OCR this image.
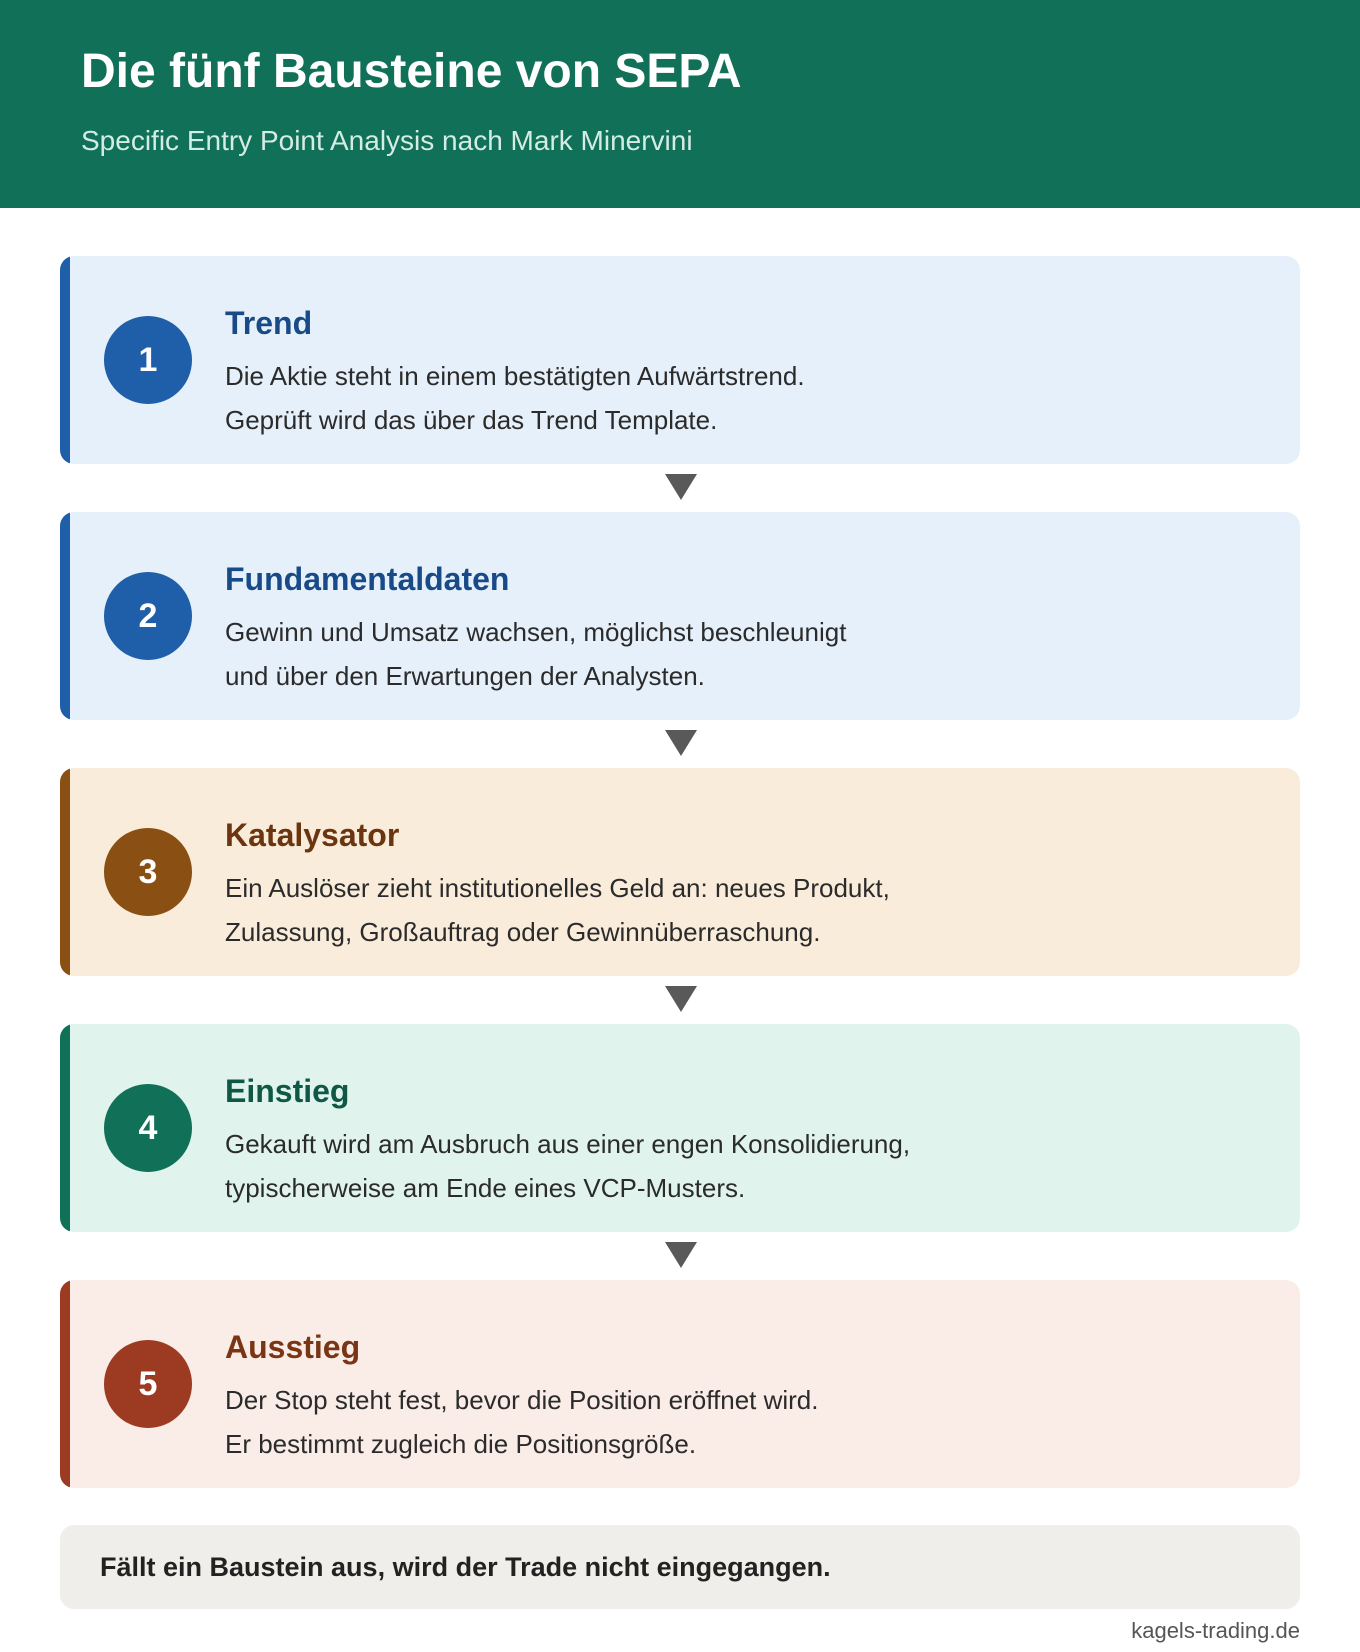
Die fünf Bausteine von SEPA
Specific Entry Point Analysis nach Mark Minervini
1
Trend
Die Aktie steht in einem bestätigten Aufwärtstrend.
Geprüft wird das über das Trend Template.
2
Fundamentaldaten
Gewinn und Umsatz wachsen, möglichst beschleunigt
und über den Erwartungen der Analysten.
3
Katalysator
Ein Auslöser zieht institutionelles Geld an: neues Produkt,
Zulassung, Großauftrag oder Gewinnüberraschung.
4
Einstieg
Gekauft wird am Ausbruch aus einer engen Konsolidierung,
typischerweise am Ende eines VCP-Musters.
5
Ausstieg
Der Stop steht fest, bevor die Position eröffnet wird.
Er bestimmt zugleich die Positionsgröße.
Fällt ein Baustein aus, wird der Trade nicht eingegangen.
kagels-trading.de
